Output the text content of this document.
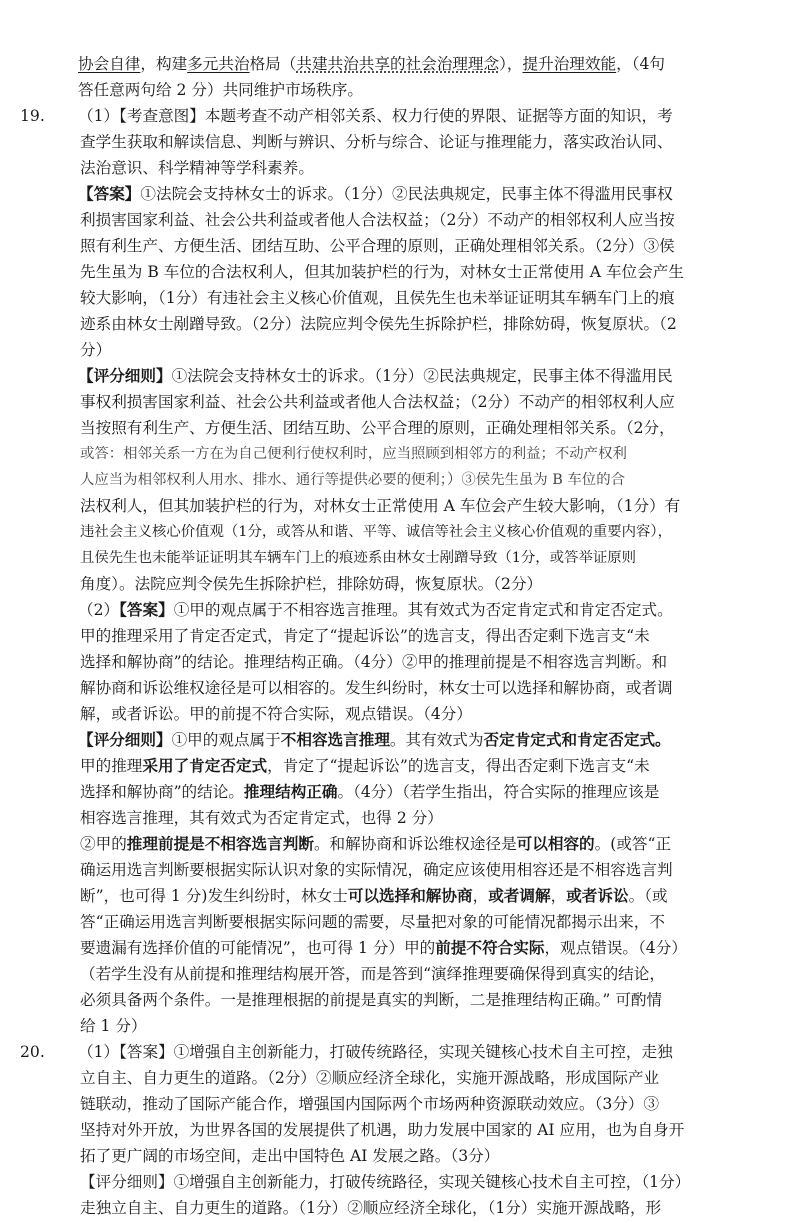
协会自律，构建多元共治格局（共建共治共享的社会治理理念），提升治理效能，（4句
答任意两句给 2 分）共同维护市场秩序。
19.	（1）【考查意图】本题考查不动产相邻关系、权力行使的界限、证据等方面的知识，考
查学生获取和解读信息、判断与辨识、分析与综合、论证与推理能力，落实政治认同、
法治意识、科学精神等学科素养。
【答案】①法院会支持林女士的诉求。（1分）②民法典规定，民事主体不得滥用民事权
利损害国家利益、社会公共利益或者他人合法权益；（2分）不动产的相邻权利人应当按
照有利生产、方便生活、团结互助、公平合理的原则，正确处理相邻关系。（2分）③侯
先生虽为 B 车位的合法权利人，但其加装护栏的行为，对林女士正常使用 A 车位会产生
较大影响，（1分）有违社会主义核心价值观，且侯先生也未举证证明其车辆车门上的痕
迹系由林女士剐蹭导致。（2分）法院应判令侯先生拆除护栏，排除妨碍，恢复原状。（2
分）
【评分细则】①法院会支持林女士的诉求。（1分）②民法典规定，民事主体不得滥用民
事权利损害国家利益、社会公共利益或者他人合法权益；（2分）不动产的相邻权利人应
当按照有利生产、方便生活、团结互助、公平合理的原则，正确处理相邻关系。（2分，
或答：相邻关系一方在为自己便利行使权利时，应当照顾到相邻方的利益；不动产权利
人应当为相邻权利人用水、排水、通行等提供必要的便利；）③侯先生虽为 B 车位的合
法权利人，但其加装护栏的行为，对林女士正常使用 A 车位会产生较大影响，（1分）有
违社会主义核心价值观（1分，或答从和谐、平等、诚信等社会主义核心价值观的重要内容），
且侯先生也未能举证证明其车辆车门上的痕迹系由林女士剐蹭导致（1分，或答举证原则
角度）。法院应判令侯先生拆除护栏，排除妨碍，恢复原状。（2分）
（2）【答案】①甲的观点属于不相容选言推理。其有效式为否定肯定式和肯定否定式。
甲的推理采用了肯定否定式，肯定了“提起诉讼”的选言支，得出否定剩下选言支“未
选择和解协商”的结论。推理结构正确。（4分）②甲的推理前提是不相容选言判断。和
解协商和诉讼维权途径是可以相容的。发生纠纷时，林女士可以选择和解协商，或者调
解，或者诉讼。甲的前提不符合实际，观点错误。（4分）
【评分细则】①甲的观点属于不相容选言推理。其有效式为否定肯定式和肯定否定式。
甲的推理采用了肯定否定式，肯定了“提起诉讼”的选言支，得出否定剩下选言支“未
选择和解协商”的结论。推理结构正确。（4分）（若学生指出，符合实际的推理应该是
相容选言推理，其有效式为否定肯定式，也得 2 分）
②甲的推理前提是不相容选言判断。和解协商和诉讼维权途径是可以相容的。(或答“正
确运用选言判断要根据实际认识对象的实际情况，确定应该使用相容还是不相容选言判
断”，也可得 1 分)发生纠纷时，林女士可以选择和解协商，或者调解，或者诉讼。（或
答“正确运用选言判断要根据实际问题的需要，尽量把对象的可能情况都揭示出来，不
要遗漏有选择价值的可能情况”，也可得 1 分）甲的前提不符合实际，观点错误。（4分）
（若学生没有从前提和推理结构展开答，而是答到“演绎推理要确保得到真实的结论，
必须具备两个条件。一是推理根据的前提是真实的判断，二是推理结构正确。” 可酌情
给 1 分）
20.	（1）【答案】①增强自主创新能力，打破传统路径，实现关键核心技术自主可控，走独
立自主、自力更生的道路。（2分）②顺应经济全球化，实施开源战略，形成国际产业
链联动，推动了国际产能合作，增强国内国际两个市场两种资源联动效应。（3分）③
坚持对外开放，为世界各国的发展提供了机遇，助力发展中国家的 AI 应用，也为自身开
拓了更广阔的市场空间，走出中国特色 AI 发展之路。（3分）
【评分细则】①增强自主创新能力，打破传统路径，实现关键核心技术自主可控，（1分）
走独立自主、自力更生的道路。（1分）②顺应经济全球化，（1分）实施开源战略，形
